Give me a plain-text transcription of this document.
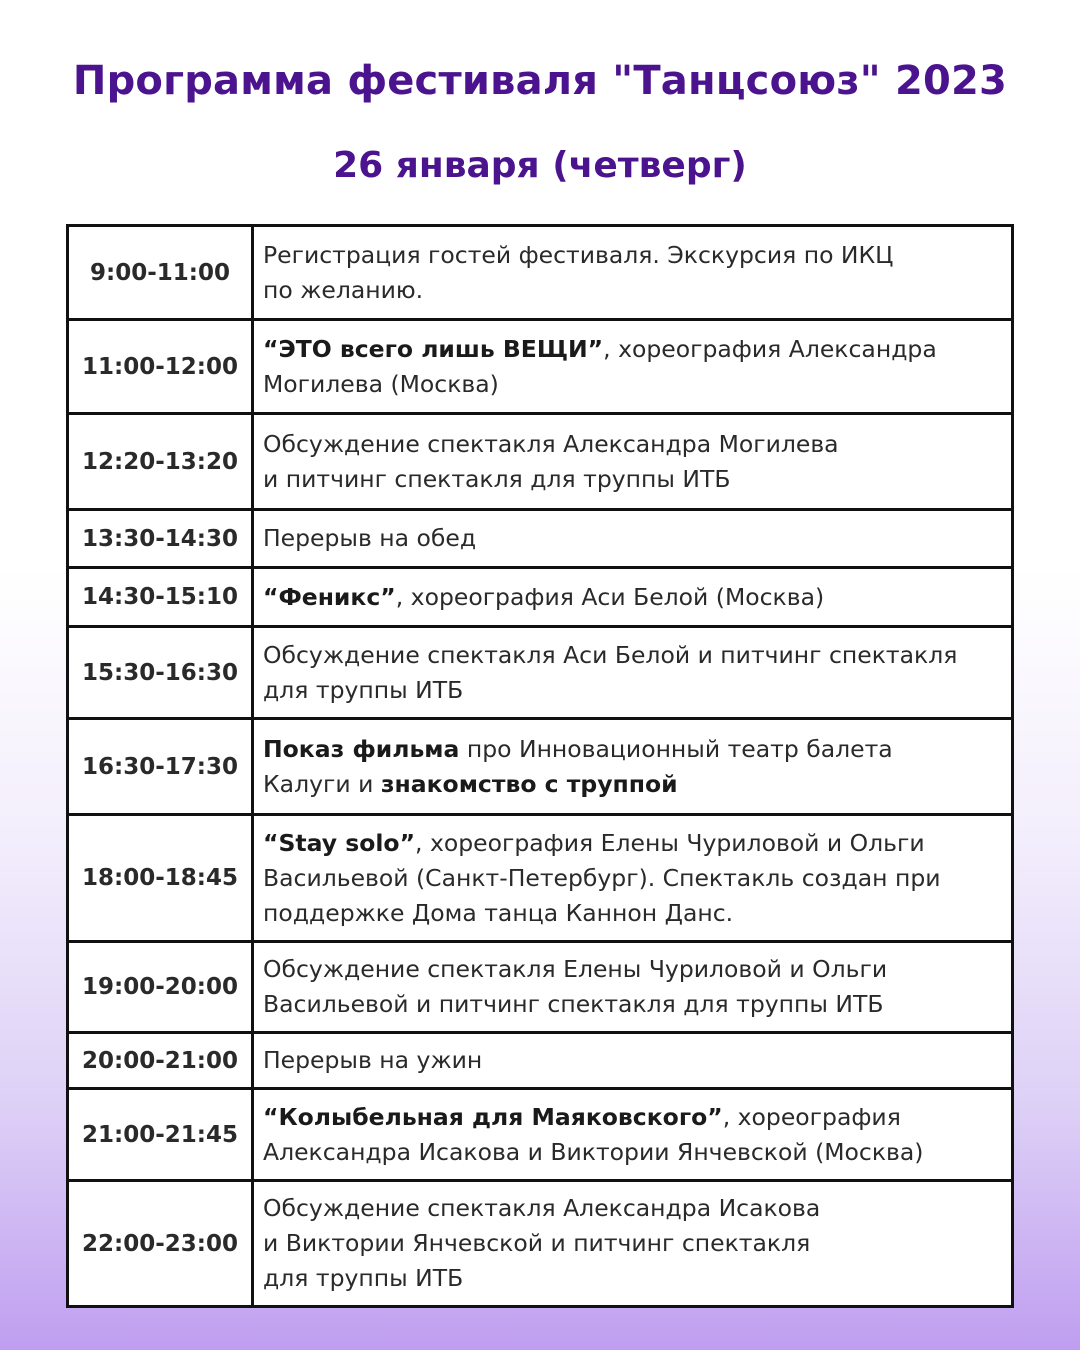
Программа фестиваля "Танцсоюз" 2023
26 января (четверг)
9:00-11:00	Регистрация гостей фестиваля. Экскурсия по ИКЦ
по желанию.

11:00-12:00	“ЭТО всего лишь ВЕЩИ”, хореография Александра
Могилева (Москва)

12:20-13:20	Обсуждение спектакля Александра Могилева
и питчинг спектакля для труппы ИТБ

13:30-14:30	Перерыв на обед

14:30-15:10	“Феникс”, хореография Аси Белой (Москва)

15:30-16:30	Обсуждение спектакля Аси Белой и питчинг спектакля
для труппы ИТБ

16:30-17:30	Показ фильма про Инновационный театр балета
Калуги и знакомство с труппой

18:00-18:45	“Stay solo”, хореография Елены Чуриловой и Ольги
Васильевой (Санкт-Петербург). Спектакль создан при
поддержке Дома танца Каннон Данс.

19:00-20:00	Обсуждение спектакля Елены Чуриловой и Ольги
Васильевой и питчинг спектакля для труппы ИТБ

20:00-21:00	Перерыв на ужин

21:00-21:45	“Колыбельная для Маяковского”, хореография
Александра Исакова и Виктории Янчевской (Москва)

22:00-23:00	Обсуждение спектакля Александра Исакова
и Виктории Янчевской и питчинг спектакля
для труппы ИТБ
